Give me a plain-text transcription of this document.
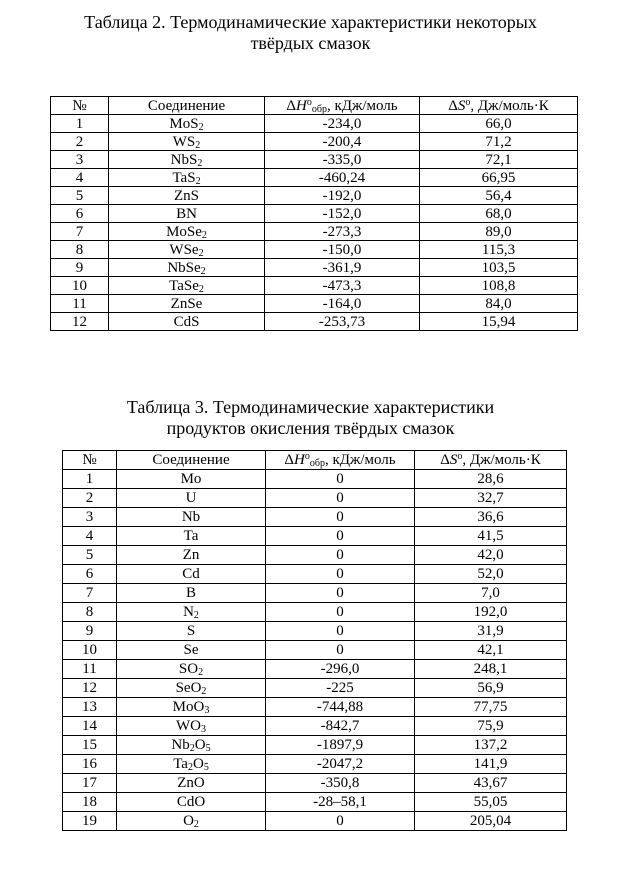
Таблица 2. Термодинамические характеристики некоторых
твёрдых смазок
№	Соединение	$\Delta H^o_{обр}$, кДж/моль	$\Delta S^o$, Дж/моль·К
1	MoS$_2$	-234,0	66,0
2	$WS_2$	-200,4	71,2
3	NbS$_2$	-335,0	72,1
4	TaS$_2$	-460,24	66,95
5	ZnS	-192,0	56,4
6	BN	-152,0	68,0
7	MoSe$_2$	-273,3	89,0
8	WSe$_2$	-150,0	115,3
9	NbSe$_2$	-361,9	103,5
10	TaSe$_2$	-473,3	108,8
11	ZnSe	-164,0	84,0
12	CdS	-253,73	15,94
Таблица 3. Термодинамические характеристики
продуктов окисления твёрдых смазок
№	Соединение	$\Delta H^o_{обр}$, кДж/моль	$\Delta S^o$, Дж/моль·К
1	Mo	0	28,6
2	U	0	32,7
3	Nb	0	36,6
4	Ta	0	41,5
5	Zn	0	42,0
6	Cd	0	52,0
7	B	0	7,0
8	$N_2$	0	192,0
9	S	0	31,9
10	Se	0	42,1
11	$SO_2$	-296,0	248,1
12	SeO$_2$	-225	56,9
13	MoO$_3$	-744,88	77,75
14	$WO_3$	-842,7	75,9
15	$Nb_2O_5$	-1897,9	137,2
16	$Ta_2O_5$	-2047,2	141,9
17	ZnO	-350,8	43,67
18	CdO	-28–58,1	55,05
19	$O_2$	0	205,04
